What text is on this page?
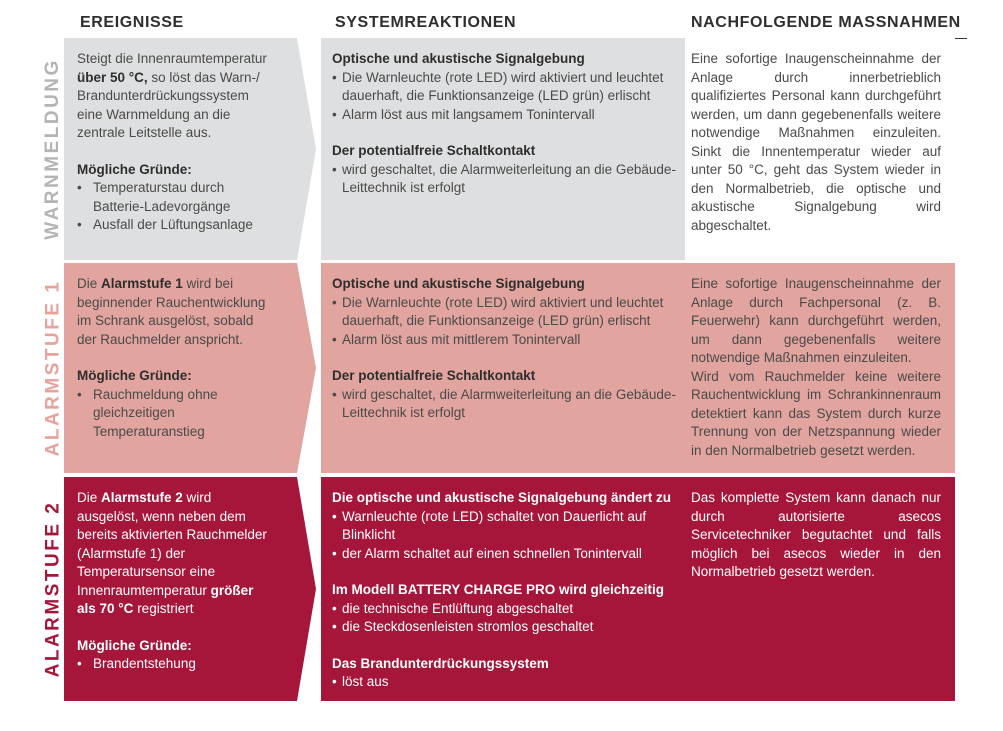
EREIGNISSE	SYSTEMREAKTIONEN	NACHFOLGENDE MASSNAHMEN
WARNMELDUNG Steigt die Innenraumtemperatur über 50 °C, so löst das Warn-/ Brandunterdrückungssystem eine Warnmeldung an die zentrale Leitstelle aus.

Mögliche Gründe:

• Temperaturstau durch Batterie-Ladevorgänge
• Ausfall der Lüftungsanlage

Optische und akustische Signalgebung

• Die Warnleuchte (rote LED) wird aktiviert und leuchtet dauerhaft, die Funktionsanzeige (LED grün) erlischt
• Alarm löst aus mit langsamem Tonintervall

Der potentialfreie Schaltkontakt

• wird geschaltet, die Alarmweiterleitung an die Gebäude-Leittechnik ist erfolgt

Eine sofortige Inaugenscheinnahme der Anlage durch innerbetrieblich qualifiziertes Personal kann durchgeführt werden, um dann gegebenenfalls weitere notwendige Maßnahmen einzuleiten. Sinkt die Innentemperatur wieder auf unter 50 °C, geht das System wieder in den Normalbetrieb, die optische und akustische Signalgebung wird abgeschaltet.

ALARMSTUFE 1 Die Alarmstufe 1 wird bei beginnender Rauchentwicklung im Schrank ausgelöst, sobald der Rauchmelder anspricht.

Mögliche Gründe:

• Rauchmeldung ohne gleichzeitigen Temperaturanstieg

Optische und akustische Signalgebung

• Die Warnleuchte (rote LED) wird aktiviert und leuchtet dauerhaft, die Funktionsanzeige (LED grün) erlischt
• Alarm löst aus mit mittlerem Tonintervall

Der potentialfreie Schaltkontakt

• wird geschaltet, die Alarmweiterleitung an die Gebäude-Leittechnik ist erfolgt

Eine sofortige Inaugenscheinnahme der Anlage durch Fachpersonal (z. B. Feuerwehr) kann durchgeführt werden, um dann gegebenenfalls weitere notwendige Maßnahmen einzuleiten.

Wird vom Rauchmelder keine weitere Rauchentwicklung im Schrankinnenraum detektiert kann das System durch kurze Trennung von der Netzspannung wieder in den Normalbetrieb gesetzt werden.

ALARMSTUFE 2

Die Alarmstufe 2 wird ausgelöst, wenn neben dem bereits aktivierten Rauchmelder (Alarmstufe 1) der Temperatursensor eine Innenraumtemperatur größer als 70 °C registriert

Mögliche Gründe:

• Brandentstehung

Die optische und akustische Signalgebung ändert zu

• Warnleuchte (rote LED) schaltet von Dauerlicht auf Blinklicht
• der Alarm schaltet auf einen schnellen Tonintervall

Im Modell BATTERY CHARGE PRO wird gleichzeitig

• die technische Entlüftung abgeschaltet
• die Steckdosenleisten stromlos geschaltet

Das Brandunterdrückungssystem

• löst aus

Das komplette System kann danach nur durch autorisierte asecos Servicetechniker begutachtet und falls möglich bei asecos wieder in den Normalbetrieb gesetzt werden.
